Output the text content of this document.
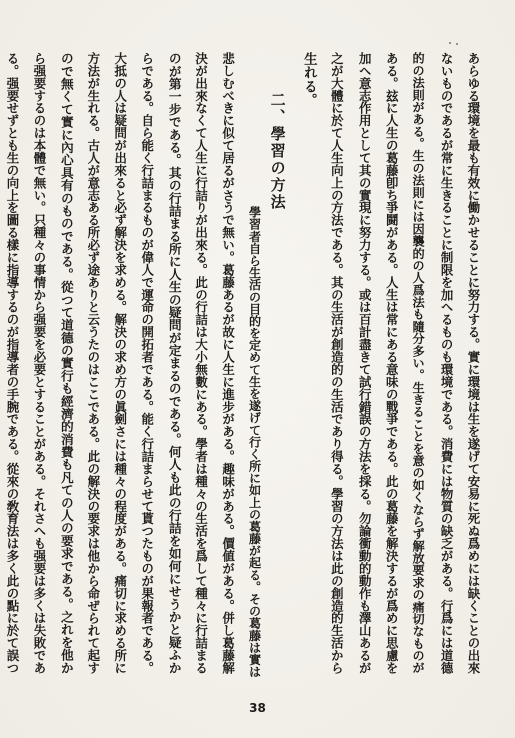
あらゆる環境を最も有效に働かせることに努力する。實に環境は生を遂げて安易に死ぬ爲めには缺くことの出來
ないものであるが常に生きることに制限を加へるものも環境である。消費には物質の缺乏がある。行爲には道德
的の法則がある。生の法則には因襲的の人爲法も隨分多い。生きることを意の如くならず解放要求の痛切なものが
ある。玆に人生の葛藤卽ち爭鬪がある。人生は常にある意味の戰爭である。此の葛藤を解決するが爲めに思慮を
加へ意志作用として其の實現に努力する。或は百計盡きて試行錯誤の方法を採る。勿論衝動的動作も澤山あるが
之が大體に於て人生向上の方法である。其の生活が創造的の生活であり得る。學習の方法は此の創造的生活から
生れる。
二、學習の方法
學習者自ら生活の目的を定めて生を遂げて行く所に如上の葛藤が起る。その葛藤は實は
悲しむべきに似て居るがさうで無い。葛藤あるが故に人生に進步がある。趣味がある。價値がある。併し葛藤解
決が出來なくて人生に行詰りが出來る。此の行詰は大小無數にある。學者は種々の生活を爲して種々に行詰まる
のが第一步である。其の行詰まる所に人生の疑問が定まるのである。何人も此の行詰を如何にせうかと疑ふか
らである。自ら能く行詰まるものが偉人で運命の開拓者である。能く行詰まらせて貰つたものが果報者である。
大抵の人は疑問が出來ると必ず解決を求める。解決の求め方の眞劍さには種々の程度がある。痛切に求める所に
方法が生れる。古人が意志ある所必ず途ありと云うたのはここである。此の解決の要求は他から命ぜられて起す
ので無くて實に內心具有のものである。從つて道德の實行も經濟的消費も凡ての人の要求である。之れを他か
ら强要するのは本體で無い。只種々の事情から强要を必要とすることがある。それさへも强要は多くは失敗であ
る。强要せずとも生の向上を圖る樣に指導するのが指導者の手腕である。從來の敎育法は多く此の點に於て誤つ
38
